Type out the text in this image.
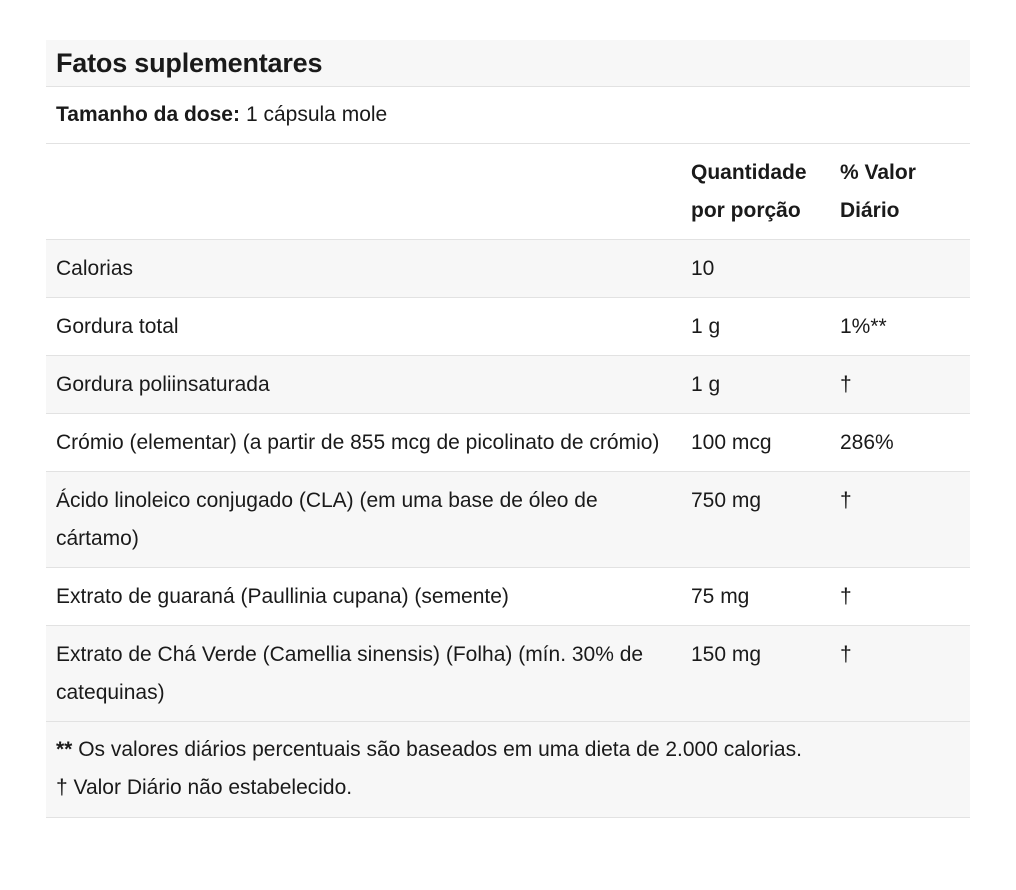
Fatos suplementares
Tamanho da dose: 1 cápsula mole
	Quantidade por porção	% Valor Diário
Calorias	10	
Gordura total	1 g	1%**
Gordura poliinsaturada	1 g	†
Crómio (elementar) (a partir de 855 mcg de picolinato de crómio)	100 mcg	286%
Ácido linoleico conjugado (CLA) (em uma base de óleo de cártamo)	750 mg	†
Extrato de guaraná (Paullinia cupana) (semente)	75 mg	†
Extrato de Chá Verde (Camellia sinensis) (Folha) (mín. 30% de catequinas)	150 mg	†
** Os valores diários percentuais são baseados em uma dieta de 2.000 calorias.
† Valor Diário não estabelecido.
